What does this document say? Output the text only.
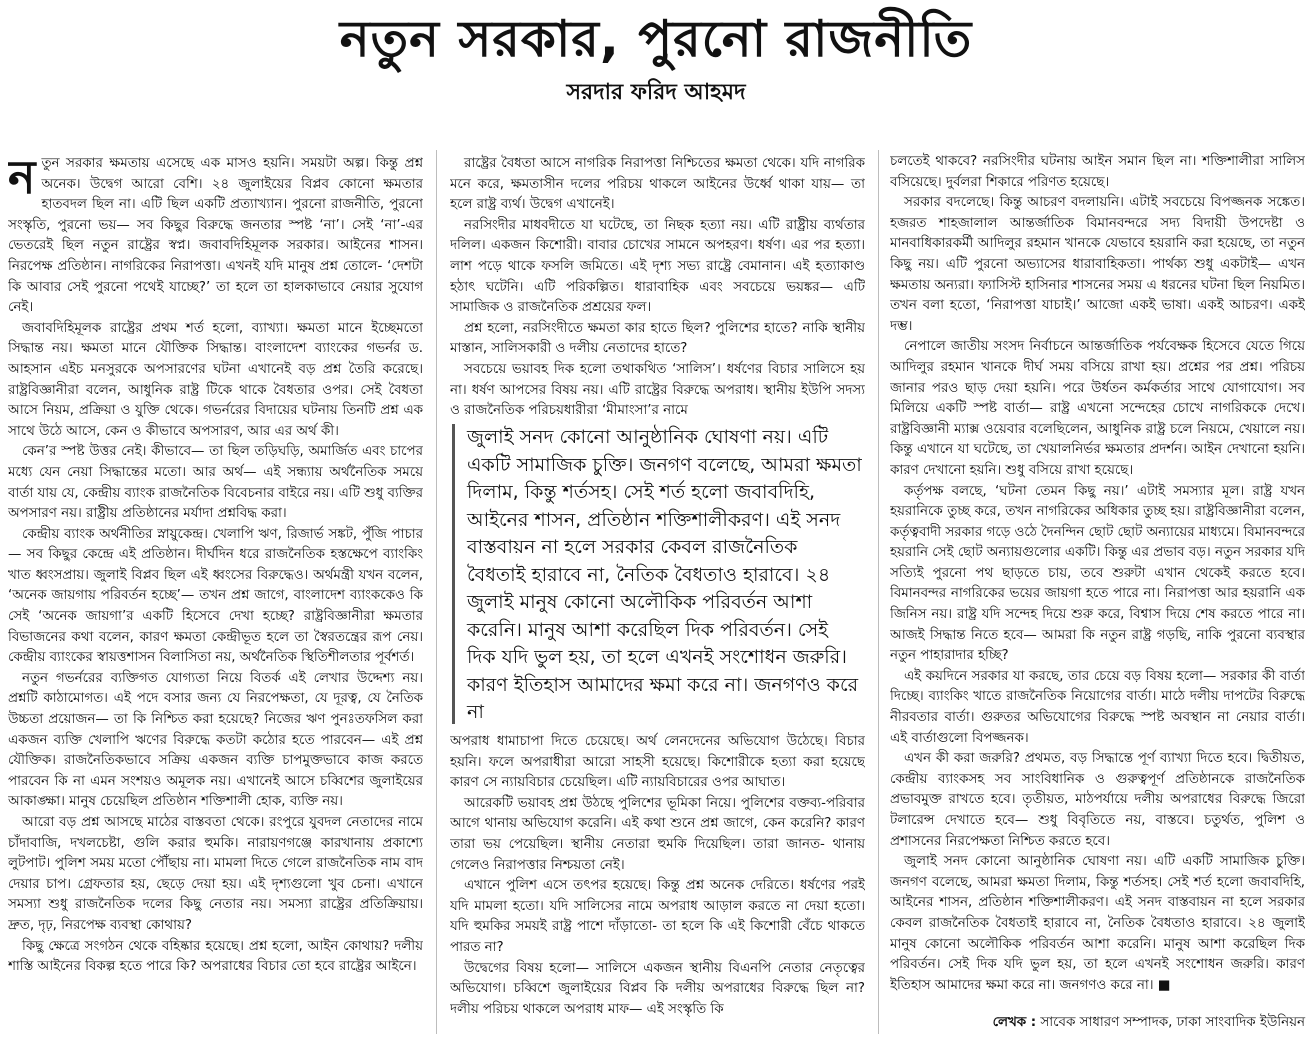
নতুন সরকার, পুরনো রাজনীতি
সরদার ফরিদ আহমদ

নতুন সরকার ক্ষমতায় এসেছে এক মাসও হয়নি। সময়টা অল্প। কিন্তু প্রশ্ন অনেক। উদ্বেগ আরো বেশি। ২৪ জুলাইয়ের বিপ্লব কোনো ক্ষমতার হাতবদল ছিল না। এটি ছিল একটি প্রত্যাখ্যান। পুরনো রাজনীতি, পুরনো সংস্কৃতি, পুরনো ভয়— সব কিছুর বিরুদ্ধে জনতার স্পষ্ট ‘না’। সেই ‘না’-এর ভেতরেই ছিল নতুন রাষ্ট্রের স্বপ্ন। জবাবদিহিমূলক সরকার। আইনের শাসন। নিরপেক্ষ প্রতিষ্ঠান। নাগরিকের নিরাপত্তা। এখনই যদি মানুষ প্রশ্ন তোলে- ‘দেশটা কি আবার সেই পুরনো পথেই যাচ্ছে?’ তা হলে তা হালকাভাবে নেয়ার সুযোগ নেই।

জবাবদিহিমূলক রাষ্ট্রের প্রথম শর্ত হলো, ব্যাখ্যা। ক্ষমতা মানে ইচ্ছেমতো সিদ্ধান্ত নয়। ক্ষমতা মানে যৌক্তিক সিদ্ধান্ত। বাংলাদেশ ব্যাংকের গভর্নর ড. আহসান এইচ মনসুরকে অপসারণের ঘটনা এখানেই বড় প্রশ্ন তৈরি করেছে। রাষ্ট্রবিজ্ঞানীরা বলেন, আধুনিক রাষ্ট্র টিকে থাকে বৈধতার ওপর। সেই বৈধতা আসে নিয়ম, প্রক্রিয়া ও যুক্তি থেকে। গভর্নরের বিদায়ের ঘটনায় তিনটি প্রশ্ন এক সাথে উঠে আসে, কেন ও কীভাবে অপসারণ, আর এর অর্থ কী।

কেন’র স্পষ্ট উত্তর নেই। কীভাবে— তা ছিল তড়িঘড়ি, অমার্জিত এবং চাপের মধ্যে যেন নেয়া সিদ্ধান্তের মতো। আর অর্থ— এই সন্ধ্যায় অর্থনৈতিক সময়ে বার্তা যায় যে, কেন্দ্রীয় ব্যাংক রাজনৈতিক বিবেচনার বাইরে নয়। এটি শুধু ব্যক্তির অপসারণ নয়। রাষ্ট্রীয় প্রতিষ্ঠানের মর্যাদা প্রশ্নবিদ্ধ করা।

কেন্দ্রীয় ব্যাংক অর্থনীতির স্নায়ুকেন্দ্র। খেলাপি ঋণ, রিজার্ভ সঙ্কট, পুঁজি পাচার— সব কিছুর কেন্দ্রে এই প্রতিষ্ঠান। দীর্ঘদিন ধরে রাজনৈতিক হস্তক্ষেপে ব্যাংকিং খাত ধ্বংসপ্রায়। জুলাই বিপ্লব ছিল এই ধ্বংসের বিরুদ্ধেও। অর্থমন্ত্রী যখন বলেন, ‘অনেক জায়গায় পরিবর্তন হচ্ছে’— তখন প্রশ্ন জাগে, বাংলাদেশ ব্যাংককেও কি সেই ‘অনেক জায়গা’র একটি হিসেবে দেখা হচ্ছে? রাষ্ট্রবিজ্ঞানীরা ক্ষমতার বিভাজনের কথা বলেন, কারণ ক্ষমতা কেন্দ্রীভূত হলে তা স্বৈরতন্ত্রের রূপ নেয়। কেন্দ্রীয় ব্যাংকের স্বায়ত্তশাসন বিলাসিতা নয়, অর্থনৈতিক স্থিতিশীলতার পূর্বশর্ত।

নতুন গভর্নরের ব্যক্তিগত যোগ্যতা নিয়ে বিতর্ক এই লেখার উদ্দেশ্য নয়। প্রশ্নটি কাঠামোগত। এই পদে বসার জন্য যে নিরপেক্ষতা, যে দূরত্ব, যে নৈতিক উচ্চতা প্রয়োজন— তা কি নিশ্চিত করা হয়েছে? নিজের ঋণ পুনঃতফসিল করা একজন ব্যক্তি খেলাপি ঋণের বিরুদ্ধে কতটা কঠোর হতে পারবেন— এই প্রশ্ন যৌক্তিক। রাজনৈতিকভাবে সক্রিয় একজন ব্যক্তি চাপমুক্তভাবে কাজ করতে পারবেন কি না এমন সংশয়ও অমূলক নয়। এখানেই আসে চব্বিশের জুলাইয়ের আকাঙ্ক্ষা। মানুষ চেয়েছিল প্রতিষ্ঠান শক্তিশালী হোক, ব্যক্তি নয়।

আরো বড় প্রশ্ন আসছে মাঠের বাস্তবতা থেকে। রংপুরে যুবদল নেতাদের নামে চাঁদাবাজি, দখলচেষ্টা, গুলি করার হুমকি। নারায়ণগঞ্জে কারখানায় প্রকাশ্যে লুটপাট। পুলিশ সময় মতো পৌঁছায় না। মামলা দিতে গেলে রাজনৈতিক নাম বাদ দেয়ার চাপ। গ্রেফতার হয়, ছেড়ে দেয়া হয়। এই দৃশ্যগুলো খুব চেনা। এখানে সমস্যা শুধু রাজনৈতিক দলের কিছু নেতার নয়। সমস্যা রাষ্ট্রের প্রতিক্রিয়ায়। দ্রুত, দৃঢ়, নিরপেক্ষ ব্যবস্থা কোথায়?

কিছু ক্ষেত্রে সংগঠন থেকে বহিষ্কার হয়েছে। প্রশ্ন হলো, আইন কোথায়? দলীয় শাস্তি আইনের বিকল্প হতে পারে কি? অপরাধের বিচার তো হবে রাষ্ট্রের আইনে।

রাষ্ট্রের বৈধতা আসে নাগরিক নিরাপত্তা নিশ্চিতের ক্ষমতা থেকে। যদি নাগরিক মনে করে, ক্ষমতাসীন দলের পরিচয় থাকলে আইনের উর্ধ্বে থাকা যায়— তা হলে রাষ্ট্র ব্যর্থ। উদ্বেগ এখানেই।

নরসিংদীর মাধবদীতে যা ঘটেছে, তা নিছক হত্যা নয়। এটি রাষ্ট্রীয় ব্যর্থতার দলিল। একজন কিশোরী। বাবার চোখের সামনে অপহরণ। ধর্ষণ। এর পর হত্যা। লাশ পড়ে থাকে ফসলি জমিতে। এই দৃশ্য সভ্য রাষ্ট্রে বেমানান। এই হত্যাকাণ্ড হঠাৎ ঘটেনি। এটি পরিকল্পিত। ধারাবাহিক এবং সবচেয়ে ভয়ঙ্কর— এটি সামাজিক ও রাজনৈতিক প্রশ্রয়ের ফল।

প্রশ্ন হলো, নরসিংদীতে ক্ষমতা কার হাতে ছিল? পুলিশের হাতে? নাকি স্থানীয় মাস্তান, সালিসকারী ও দলীয় নেতাদের হাতে?

সবচেয়ে ভয়াবহ দিক হলো তথাকথিত ‘সালিস’। ধর্ষণের বিচার সালিসে হয় না। ধর্ষণ আপসের বিষয় নয়। এটি রাষ্ট্রের বিরুদ্ধে অপরাধ। স্থানীয় ইউপি সদস্য ও রাজনৈতিক পরিচয়ধারীরা ‘মীমাংসা’র নামে

জুলাই সনদ কোনো আনুষ্ঠানিক ঘোষণা নয়। এটি একটি সামাজিক চুক্তি। জনগণ বলেছে, আমরা ক্ষমতা দিলাম, কিন্তু শর্তসহ। সেই শর্ত হলো জবাবদিহি, আইনের শাসন, প্রতিষ্ঠান শক্তিশালীকরণ। এই সনদ বাস্তবায়ন না হলে সরকার কেবল রাজনৈতিক বৈধতাই হারাবে না, নৈতিক বৈধতাও হারাবে। ২৪ জুলাই মানুষ কোনো অলৌকিক পরিবর্তন আশা করেনি। মানুষ আশা করেছিল দিক পরিবর্তন। সেই দিক যদি ভুল হয়, তা হলে এখনই সংশোধন জরুরি। কারণ ইতিহাস আমাদের ক্ষমা করে না। জনগণও করে না

অপরাধ ধামাচাপা দিতে চেয়েছে। অর্থ লেনদেনের অভিযোগ উঠেছে। বিচার হয়নি। ফলে অপরাধীরা আরো সাহসী হয়েছে। কিশোরীকে হত্যা করা হয়েছে কারণ সে ন্যায়বিচার চেয়েছিল। এটি ন্যায়বিচারের ওপর আঘাত।

আরেকটি ভয়াবহ প্রশ্ন উঠছে পুলিশের ভূমিকা নিয়ে। পুলিশের বক্তব্য-পরিবার আগে থানায় অভিযোগ করেনি। এই কথা শুনে প্রশ্ন জাগে, কেন করেনি? কারণ তারা ভয় পেয়েছিল। স্থানীয় নেতারা হুমকি দিয়েছিল। তারা জানত- থানায় গেলেও নিরাপত্তার নিশ্চয়তা নেই।

এখানে পুলিশ এসে তৎপর হয়েছে। কিন্তু প্রশ্ন অনেক দেরিতে। ধর্ষণের পরই যদি মামলা হতো। যদি সালিসের নামে অপরাধ আড়াল করতে না দেয়া হতো। যদি হুমকির সময়ই রাষ্ট্র পাশে দাঁড়াতো- তা হলে কি এই কিশোরী বেঁচে থাকতে পারত না?

উদ্বেগের বিষয় হলো— সালিসে একজন স্থানীয় বিএনপি নেতার নেতৃত্বের অভিযোগ। চব্বিশে জুলাইয়ের বিপ্লব কি দলীয় অপরাধের বিরুদ্ধে ছিল না? দলীয় পরিচয় থাকলে অপরাধ মাফ— এই সংস্কৃতি কি

চলতেই থাকবে? নরসিংদীর ঘটনায় আইন সমান ছিল না। শক্তিশালীরা সালিস বসিয়েছে। দুর্বলরা শিকারে পরিণত হয়েছে।

সরকার বদলেছে। কিন্তু আচরণ বদলায়নি। এটাই সবচেয়ে বিপজ্জনক সঙ্কেত। হজরত শাহজালাল আন্তর্জাতিক বিমানবন্দরে সদ্য বিদায়ী উপদেষ্টা ও মানবাধিকারকর্মী আদিলুর রহমান খানকে যেভাবে হয়রানি করা হয়েছে, তা নতুন কিছু নয়। এটি পুরনো অভ্যাসের ধারাবাহিকতা। পার্থক্য শুধু একটাই— এখন ক্ষমতায় অন্যরা। ফ্যাসিস্ট হাসিনার শাসনের সময় এ ধরনের ঘটনা ছিল নিয়মিত। তখন বলা হতো, ‘নিরাপত্তা যাচাই।’ আজো একই ভাষা। একই আচরণ। একই দম্ভ।

নেপালে জাতীয় সংসদ নির্বাচনে আন্তর্জাতিক পর্যবেক্ষক হিসেবে যেতে গিয়ে আদিলুর রহমান খানকে দীর্ঘ সময় বসিয়ে রাখা হয়। প্রশ্নের পর প্রশ্ন। পরিচয় জানার পরও ছাড় দেয়া হয়নি। পরে উর্ধতন কর্মকর্তার সাথে যোগাযোগ। সব মিলিয়ে একটি স্পষ্ট বার্তা— রাষ্ট্র এখনো সন্দেহের চোখে নাগরিককে দেখে। রাষ্ট্রবিজ্ঞানী ম্যাক্স ওয়েবার বলেছিলেন, আধুনিক রাষ্ট্র চলে নিয়মে, খেয়ালে নয়। কিন্তু এখানে যা ঘটেছে, তা খেয়ালনির্ভর ক্ষমতার প্রদর্শন। আইন দেখানো হয়নি। কারণ দেখানো হয়নি। শুধু বসিয়ে রাখা হয়েছে।

কর্তৃপক্ষ বলছে, ‘ঘটনা তেমন কিছু নয়।’ এটাই সমস্যার মূল। রাষ্ট্র যখন হয়রানিকে তুচ্ছ করে, তখন নাগরিকের অধিকার তুচ্ছ হয়। রাষ্ট্রবিজ্ঞানীরা বলেন, কর্তৃত্ববাদী সরকার গড়ে ওঠে দৈনন্দিন ছোট ছোট অন্যায়ের মাধ্যমে। বিমানবন্দরে হয়রানি সেই ছোট অন্যায়গুলোর একটি। কিন্তু এর প্রভাব বড়। নতুন সরকার যদি সত্যিই পুরনো পথ ছাড়তে চায়, তবে শুরুটা এখান থেকেই করতে হবে। বিমানবন্দর নাগরিকের ভয়ের জায়গা হতে পারে না। নিরাপত্তা আর হয়রানি এক জিনিস নয়। রাষ্ট্র যদি সন্দেহ দিয়ে শুরু করে, বিশ্বাস দিয়ে শেষ করতে পারে না। আজই সিদ্ধান্ত নিতে হবে— আমরা কি নতুন রাষ্ট্র গড়ছি, নাকি পুরনো ব্যবস্থার নতুন পাহারাদার হচ্ছি?

এই কয়দিনে সরকার যা করছে, তার চেয়ে বড় বিষয় হলো— সরকার কী বার্তা দিচ্ছে। ব্যাংকিং খাতে রাজনৈতিক নিয়োগের বার্তা। মাঠে দলীয় দাপটের বিরুদ্ধে নীরবতার বার্তা। গুরুতর অভিযোগের বিরুদ্ধে স্পষ্ট অবস্থান না নেয়ার বার্তা। এই বার্তাগুলো বিপজ্জনক।

এখন কী করা জরুরি? প্রথমত, বড় সিদ্ধান্তে পূর্ণ ব্যাখ্যা দিতে হবে। দ্বিতীয়ত, কেন্দ্রীয় ব্যাংকসহ সব সাংবিধানিক ও গুরুত্বপূর্ণ প্রতিষ্ঠানকে রাজনৈতিক প্রভাবমুক্ত রাখতে হবে। তৃতীয়ত, মাঠপর্যায়ে দলীয় অপরাধের বিরুদ্ধে জিরো টলারেন্স দেখাতে হবে— শুধু বিবৃতিতে নয়, বাস্তবে। চতুর্থত, পুলিশ ও প্রশাসনের নিরপেক্ষতা নিশ্চিত করতে হবে।

জুলাই সনদ কোনো আনুষ্ঠানিক ঘোষণা নয়। এটি একটি সামাজিক চুক্তি। জনগণ বলেছে, আমরা ক্ষমতা দিলাম, কিন্তু শর্তসহ। সেই শর্ত হলো জবাবদিহি, আইনের শাসন, প্রতিষ্ঠান শক্তিশালীকরণ। এই সনদ বাস্তবায়ন না হলে সরকার কেবল রাজনৈতিক বৈধতাই হারাবে না, নৈতিক বৈধতাও হারাবে। ২৪ জুলাই মানুষ কোনো অলৌকিক পরিবর্তন আশা করেনি। মানুষ আশা করেছিল দিক পরিবর্তন। সেই দিক যদি ভুল হয়, তা হলে এখনই সংশোধন জরুরি। কারণ ইতিহাস আমাদের ক্ষমা করে না। জনগণও করে না। ■

লেখক : সাবেক সাধারণ সম্পাদক, ঢাকা সাংবাদিক ইউনিয়ন
